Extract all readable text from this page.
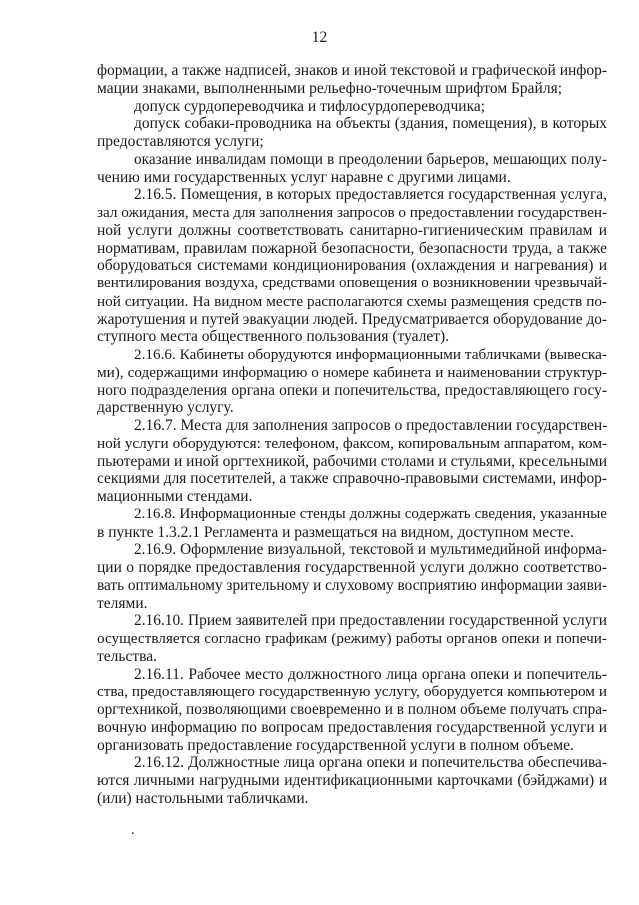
12
формации, а также надписей, знаков и иной текстовой и графической инфор-
мации знаками, выполненными рельефно-точечным шрифтом Брайля;
допуск сурдопереводчика и тифлосурдопереводчика;
допуск собаки-проводника на объекты (здания, помещения), в которых
предоставляются услуги;
оказание инвалидам помощи в преодолении барьеров, мешающих полу-
чению ими государственных услуг наравне с другими лицами.
2.16.5. Помещения, в которых предоставляется государственная услуга,
зал ожидания, места для заполнения запросов о предоставлении государствен-
ной услуги должны соответствовать санитарно-гигиеническим правилам и
нормативам, правилам пожарной безопасности, безопасности труда, а также
оборудоваться системами кондиционирования (охлаждения и нагревания) и
вентилирования воздуха, средствами оповещения о возникновении чрезвычай-
ной ситуации. На видном месте располагаются схемы размещения средств по-
жаротушения и путей эвакуации людей. Предусматривается оборудование до-
ступного места общественного пользования (туалет).
2.16.6. Кабинеты оборудуются информационными табличками (вывеска-
ми), содержащими информацию о номере кабинета и наименовании структур-
ного подразделения органа опеки и попечительства, предоставляющего госу-
дарственную услугу.
2.16.7. Места для заполнения запросов о предоставлении государствен-
ной услуги оборудуются: телефоном, факсом, копировальным аппаратом, ком-
пьютерами и иной оргтехникой, рабочими столами и стульями, кресельными
секциями для посетителей, а также справочно-правовыми системами, инфор-
мационными стендами.
2.16.8. Информационные стенды должны содержать сведения, указанные
в пункте 1.3.2.1 Регламента и размещаться на видном, доступном месте.
2.16.9. Оформление визуальной, текстовой и мультимедийной информа-
ции о порядке предоставления государственной услуги должно соответство-
вать оптимальному зрительному и слуховому восприятию информации заяви-
телями.
2.16.10. Прием заявителей при предоставлении государственной услуги
осуществляется согласно графикам (режиму) работы органов опеки и попечи-
тельства.
2.16.11. Рабочее место должностного лица органа опеки и попечитель-
ства, предоставляющего государственную услугу, оборудуется компьютером и
оргтехникой, позволяющими своевременно и в полном объеме получать спра-
вочную информацию по вопросам предоставления государственной услуги и
организовать предоставление государственной услуги в полном объеме.
2.16.12. Должностные лица органа опеки и попечительства обеспечива-
ются личными нагрудными идентификационными карточками (бэйджами) и
(или) настольными табличками.
.
